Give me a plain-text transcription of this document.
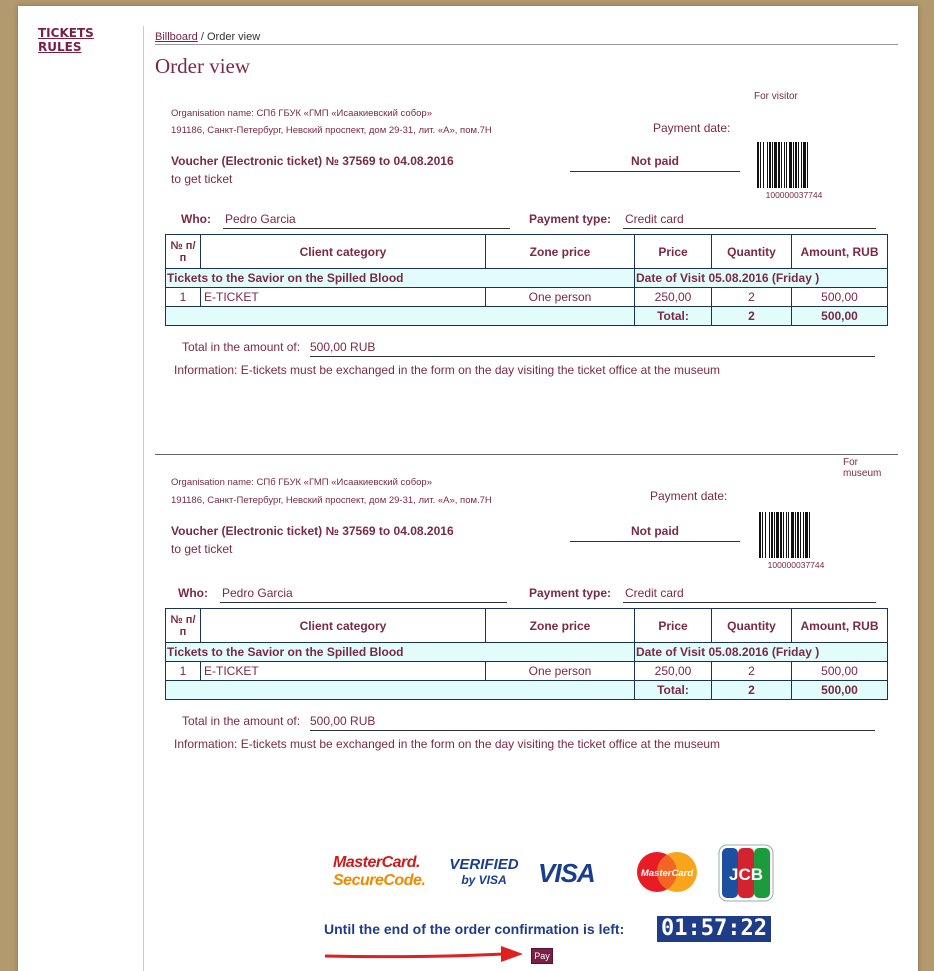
TICKETS
RULES
Billboard / Order view
Order view
For visitor
Organisation name: СПб ГБУК «ГМП «Исаакиевский собор»
191186, Санкт-Петербург, Невский проспект, дом 29-31, лит. «А», пом.7Н	Payment date:
Voucher (Electronic ticket) № 37569 to 04.08.2016
to get ticket
Not paid
100000037744
Who: Pedro Garcia	Payment type: Credit card
№ п/п	Client category	Zone price	Price	Quantity	Amount, RUB
Tickets to the Savior on the Spilled Blood			Date of Visit 05.08.2016 (Friday )		
1	E-TICKET	One person	250,00	2	500,00
			Total:	2	500,00
Total in the amount of: 500,00 RUB
Information: E-tickets must be exchanged in the form on the day visiting the ticket office at the museum
For museum
Organisation name: СПб ГБУК «ГМП «Исаакиевский собор»
191186, Санкт-Петербург, Невский проспект, дом 29-31, лит. «А», пом.7Н	Payment date:
Voucher (Electronic ticket) № 37569 to 04.08.2016
to get ticket
Not paid
100000037744
Who: Pedro Garcia	Payment type: Credit card
№ п/п	Client category	Zone price	Price	Quantity	Amount, RUB
Tickets to the Savior on the Spilled Blood			Date of Visit 05.08.2016 (Friday )		
1	E-TICKET	One person	250,00	2	500,00
			Total:	2	500,00
Total in the amount of: 500,00 RUB
Information: E-tickets must be exchanged in the form on the day visiting the ticket office at the museum
MasterCard.
SecureCode.
VERIFIED
by VISA	VISA	MasterCard JCB
Until the end of the order confirmation is left: 01:57:22
Pay
